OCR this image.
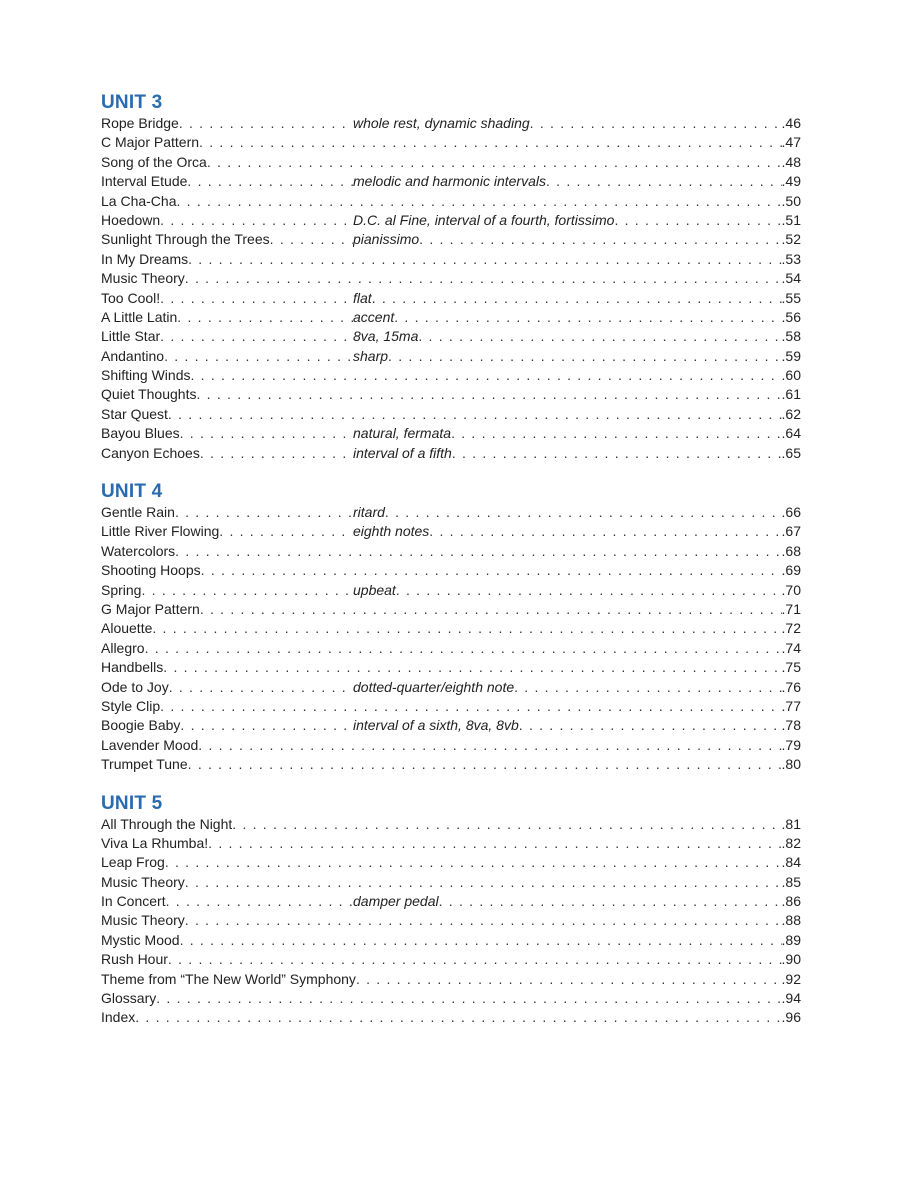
UNIT 3
Rope Bridge . . .	whole rest, dynamic shading . . .	.46
C Major Pattern . . .	.47
Song of the Orca . . .	.48
Interval Etude . . .	melodic and harmonic intervals . . .	.49
La Cha-Cha . . .	.50
Hoedown . . .	D.C. al Fine, interval of a fourth, fortissimo . . .	.51
Sunlight Through the Trees . . .	pianissimo . . .	.52
In My Dreams . . .	.53
Music Theory . . .	.54
Too Cool! . . .	flat . . .	.55
A Little Latin . . .	accent . . .	.56
Little Star . . .	8va, 15ma . . .	.58
Andantino . . .	sharp . . .	.59
Shifting Winds . . .	.60
Quiet Thoughts . . .	.61
Star Quest . . .	.62
Bayou Blues . . .	natural, fermata . . .	.64
Canyon Echoes . . .	interval of a fifth . . .	.65
UNIT 4
Gentle Rain . . .	ritard . . .	.66
Little River Flowing . . .	eighth notes . . .	.67
Watercolors . . .	.68
Shooting Hoops . . .	.69
Spring . . .	upbeat . . .	.70
G Major Pattern . . .	.71
Alouette . . .	.72
Allegro . . .	.74
Handbells . . .	.75
Ode to Joy . . .	dotted-quarter/eighth note . . .	.76
Style Clip . . .	.77
Boogie Baby . . .	interval of a sixth, 8va, 8vb . . .	.78
Lavender Mood . . .	.79
Trumpet Tune . . .	.80
UNIT 5
All Through the Night . . .	.81
Viva La Rhumba! . . .	.82
Leap Frog . . .	.84
Music Theory . . .	.85
In Concert . . .	damper pedal . . .	.86
Music Theory . . .	.88
Mystic Mood . . .	.89
Rush Hour . . .	.90
Theme from “The New World” Symphony . . .	.92
Glossary . . .	.94
Index . . .	.96
